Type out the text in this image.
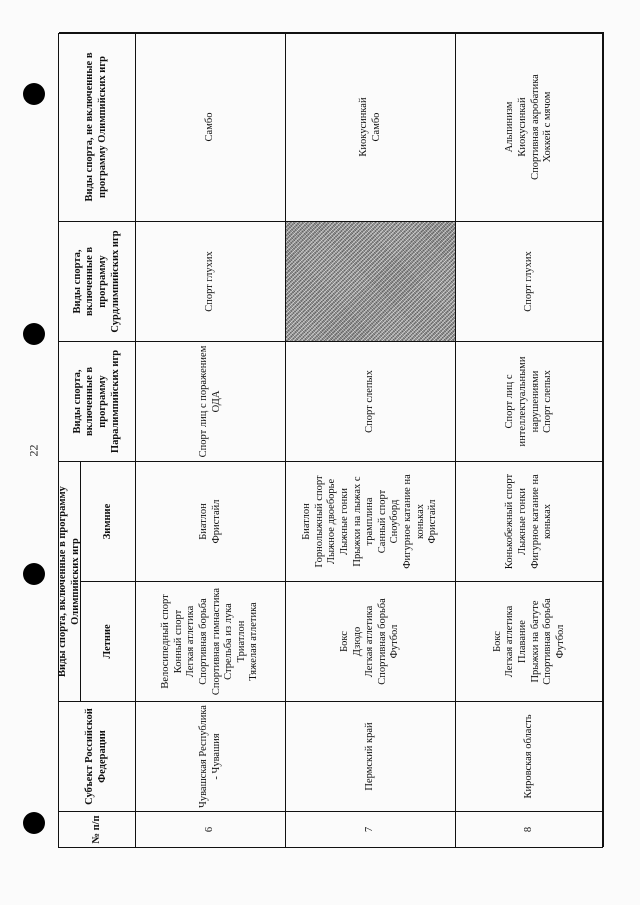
22
№ п/п
Субъект Российской Федерации
Виды спорта, включенные в программу Олимпийских игр
Летние
Зимние
Виды спорта, включенные в программу Паралимпийских игр
Виды спорта, включенные в программу Сурдлимпийских игр
Виды спорта, не включенные в программу Олимпийских игр
6
Чувашская Республика - Чувашия
Велосипедный спорт Конный спорт Легкая атлетика Спортивная борьба Спортивная гимнастика Стрельба из лука Триатлон Тяжелая атлетика
Биатлон Фристайл
Спорт лиц с поражением ОДА
Спорт глухих
Самбо
7
Пермский край
Бокс Дзюдо Легкая атлетика Спортивная борьба Футбол
Биатлон Горнолыжный спорт Лыжное двоеборье Лыжные гонки Прыжки на лыжах с трамплина Санный спорт Сноуборд Фигурное катание на коньках Фристайл
Спорт слепых
Киокусинкай Самбо
8
Кировская область
Бокс Легкая атлетика Плавание Прыжки на батуте Спортивная борьба Футбол
Конькобежный спорт Лыжные гонки Фигурное катание на коньках
Спорт лиц с интеллектуальными нарушениями Спорт слепых
Спорт глухих
Альпинизм Киокусинкай Спортивная акробатика Хоккей с мячом
